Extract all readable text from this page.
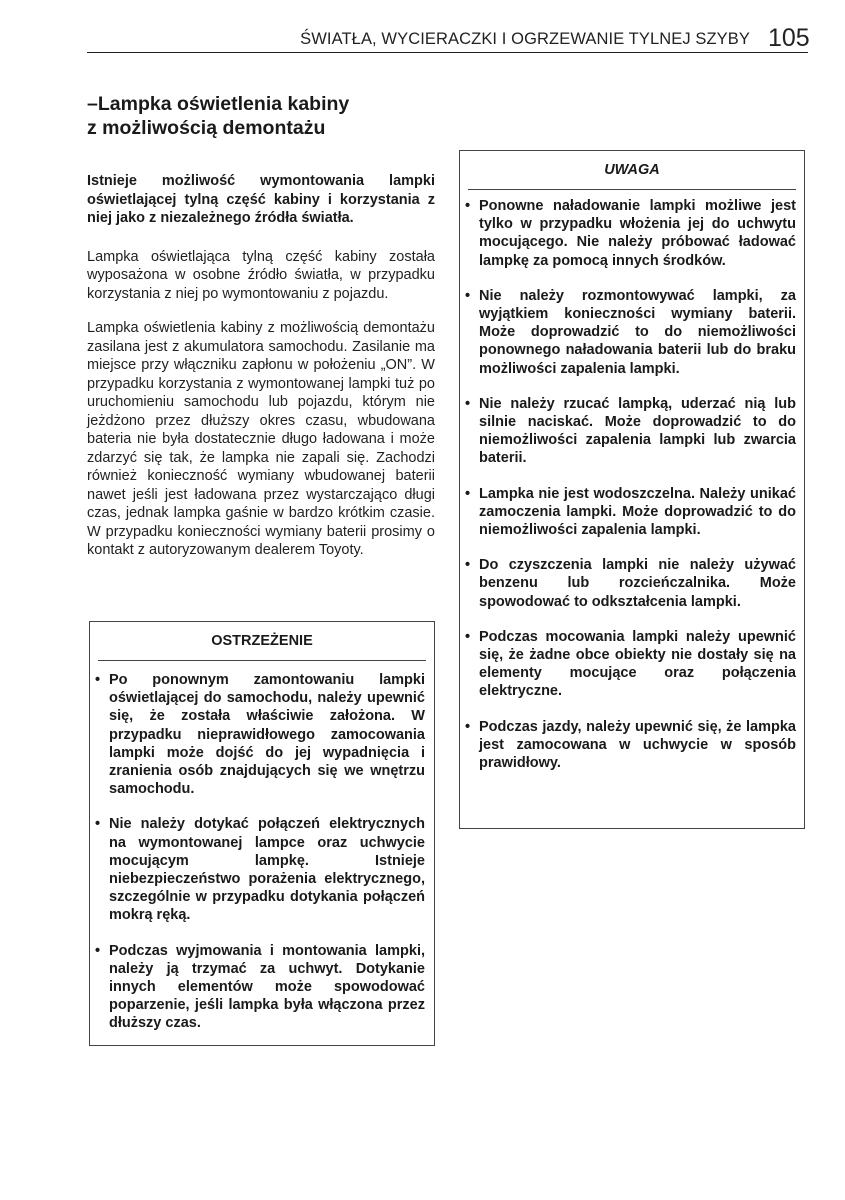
ŚWIATŁA, WYCIERACZKI I OGRZEWANIE TYLNEJ SZYBY 105
–Lampka oświetlenia kabiny
z możliwością demontażu

Istnieje możliwość wymontowania lampki oświetlającej tylną część kabiny i korzystania z niej jako z niezależnego źródła światła.

Lampka oświetlająca tylną część kabiny została wyposażona w osobne źródło światła, w przypadku korzystania z niej po wymontowaniu z pojazdu.

Lampka oświetlenia kabiny z możliwością demontażu zasilana jest z akumulatora samochodu. Zasilanie ma miejsce przy włączniku zapłonu w położeniu „ON”. W przypadku korzystania z wymontowanej lampki tuż po uruchomieniu samochodu lub pojazdu, którym nie jeżdżono przez dłuższy okres czasu, wbudowana bateria nie była dostatecznie długo ładowana i może zdarzyć się tak, że lampka nie zapali się. Zachodzi również konieczność wymiany wbudowanej baterii nawet jeśli jest ładowana przez wystarczająco długi czas, jednak lampka gaśnie w bardzo krótkim czasie. W przypadku konieczności wymiany baterii prosimy o kontakt z autoryzowanym dealerem Toyoty.

OSTRZEŻENIE
• Po ponownym zamontowaniu lampki oświetlającej do samochodu, należy upewnić się, że została właściwie założona. W przypadku nieprawidłowego zamocowania lampki może dojść do jej wypadnięcia i zranienia osób znajdujących się we wnętrzu samochodu.
• Nie należy dotykać połączeń elektrycznych na wymontowanej lampce oraz uchwycie mocującym lampkę. Istnieje niebezpieczeństwo porażenia elektrycznego, szczególnie w przypadku dotykania połączeń mokrą ręką.
• Podczas wyjmowania i montowania lampki, należy ją trzymać za uchwyt. Dotykanie innych elementów może spowodować poparzenie, jeśli lampka była włączona przez dłuższy czas.
UWAGA
• Ponowne naładowanie lampki możliwe jest tylko w przypadku włożenia jej do uchwytu mocującego. Nie należy próbować ładować lampkę za pomocą innych środków.
• Nie należy rozmontowywać lampki, za wyjątkiem konieczności wymiany baterii. Może doprowadzić to do niemożliwości ponownego naładowania baterii lub do braku możliwości zapalenia lampki.
• Nie należy rzucać lampką, uderzać nią lub silnie naciskać. Może doprowadzić to do niemożliwości zapalenia lampki lub zwarcia baterii.
• Lampka nie jest wodoszczelna. Należy unikać zamoczenia lampki. Może doprowadzić to do niemożliwości zapalenia lampki.
• Do czyszczenia lampki nie należy używać benzenu lub rozcieńczalnika. Może spowodować to odkształcenia lampki.
• Podczas mocowania lampki należy upewnić się, że żadne obce obiekty nie dostały się na elementy mocujące oraz połączenia elektryczne.
• Podczas jazdy, należy upewnić się, że lampka jest zamocowana w uchwycie w sposób prawidłowy.
